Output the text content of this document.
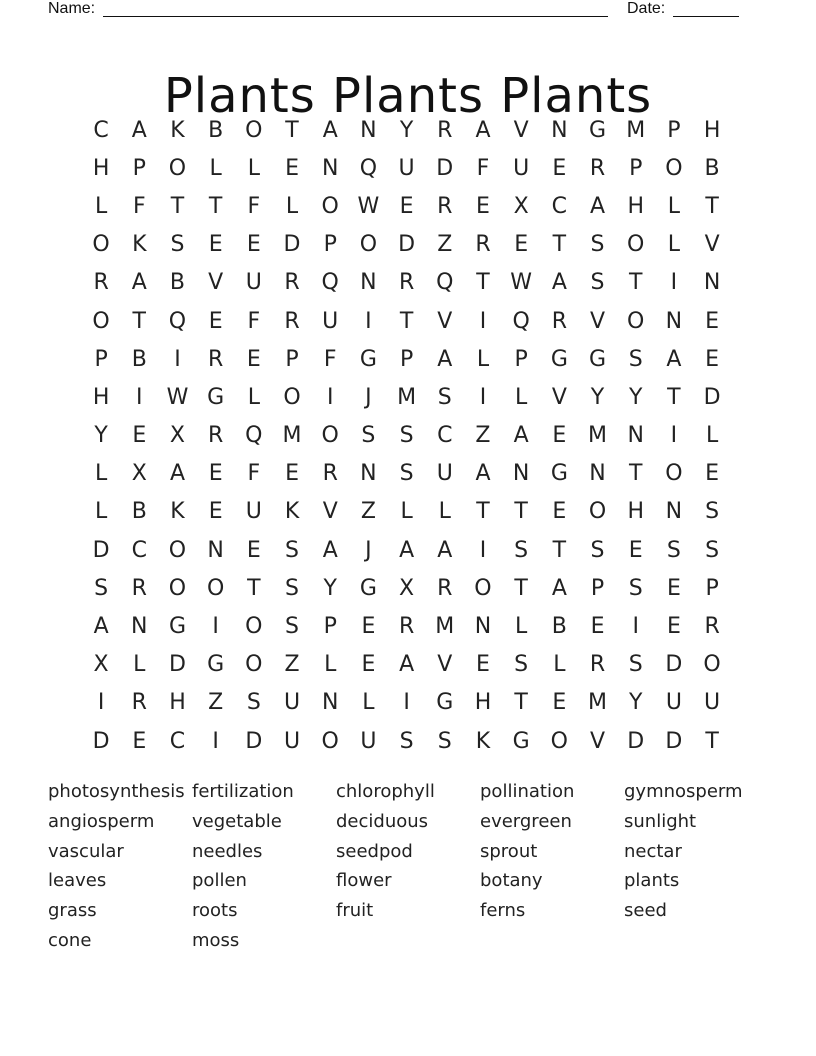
Name:	Date:
Plants Plants Plants
C	A	K	B O	T	A	N	Y	R	A	V	N G M	P	H
H	P	O	L	L	E	N Q U D	F	U	E	R	P	O B
L	F	T	T	F	L	O W E	R	E	X	C	A	H	L	T
O	K	S	E	E	D	P	O D	Z	R	E	T	S	O	L	V
R	A	B	V	U	R Q N	R Q	T W A	S	T	I	N
O	T	Q	E	F	R	U	I	T	V	I	Q R	V O N	E
P	B	I	R	E	P	F	G	P	A	L	P	G G	S	A	E
H	I	W G	L	O	I	J	M S	I	L	V	Y	Y	T	D
Y	E	X	R Q M O	S	S	C	Z	A	E M N	I	L
L	X	A	E	F	E	R	N	S	U	A	N G N	T	O	E
L	B	K	E	U	K	V	Z	L	L	T	T	E	O H N	S
D	C O N	E	S	A	J	A	A	I	S	T	S	E	S	S
S	R O O	T	S	Y	G	X	R O	T	A	P	S	E	P
A	N G	I	O	S	P	E	R M N	L	B	E	I	E	R
X	L	D G O Z	L	E	A	V	E	S	L	R	S	D O
I	R	H	Z	S	U N	L	I	G H	T	E M Y	U	U
D	E	C	I	D U O U	S	S	K	G O	V	D D	T
photosynthesis fertilization	chlorophyll	pollination	gymnosperm
angiosperm	vegetable	deciduous	evergreen	sunlight
vascular	needles	seedpod	sprout	nectar
leaves	pollen	flower	botany	plants
grass	roots	fruit	ferns	seed
cone	moss
